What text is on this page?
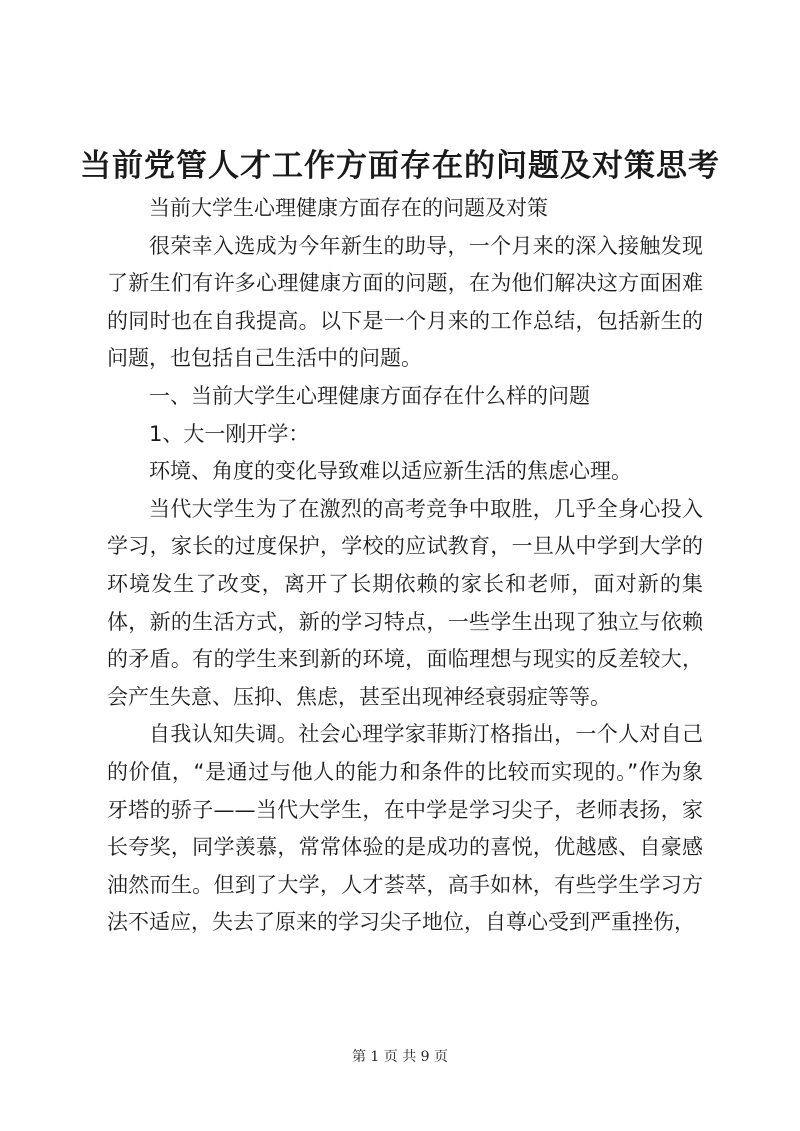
当前党管人才工作方面存在的问题及对策思考

当前大学生心理健康方面存在的问题及对策

很荣幸入选成为今年新生的助导，一个月来的深入接触发现了新生们有许多心理健康方面的问题，在为他们解决这方面困难的同时也在自我提高。以下是一个月来的工作总结，包括新生的问题，也包括自己生活中的问题。

一、当前大学生心理健康方面存在什么样的问题

1、大一刚开学：

环境、角度的变化导致难以适应新生活的焦虑心理。

当代大学生为了在激烈的高考竞争中取胜，几乎全身心投入学习，家长的过度保护，学校的应试教育，一旦从中学到大学的环境发生了改变，离开了长期依赖的家长和老师，面对新的集体，新的生活方式，新的学习特点，一些学生出现了独立与依赖的矛盾。有的学生来到新的环境，面临理想与现实的反差较大，会产生失意、压抑、焦虑，甚至出现神经衰弱症等等。

自我认知失调。社会心理学家菲斯汀格指出，一个人对自己的价值，“是通过与他人的能力和条件的比较而实现的。”作为象牙塔的骄子——当代大学生，在中学是学习尖子，老师表扬，家长夸奖，同学羡慕，常常体验的是成功的喜悦，优越感、自豪感油然而生。但到了大学，人才荟萃，高手如林，有些学生学习方法不适应，失去了原来的学习尖子地位，自尊心受到严重挫伤，

第 1 页 共 9 页
